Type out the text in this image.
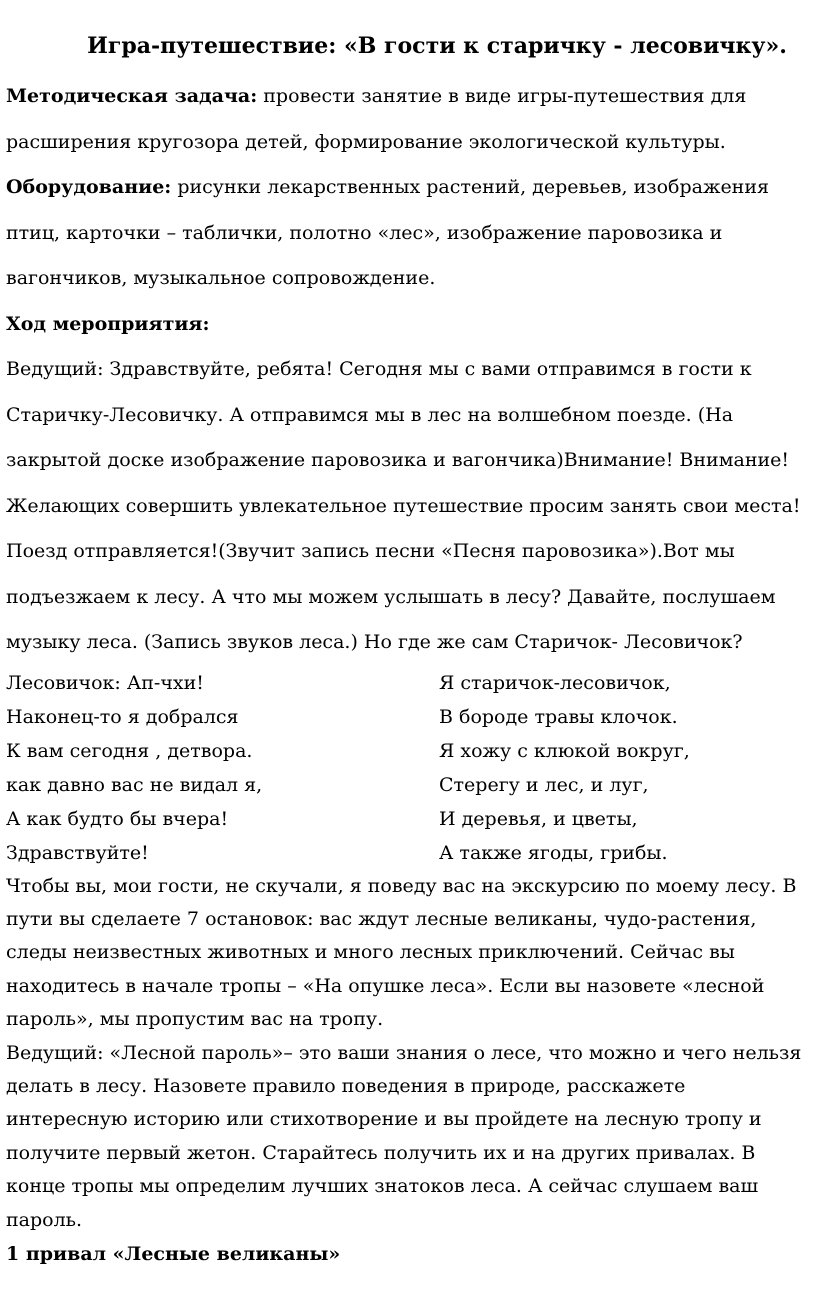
Игра-путешествие: «В гости к старичку - лесовичку».

Методическая задача: провести занятие в виде игры-путешествия для расширения кругозора детей, формирование экологической культуры.

Оборудование: рисунки лекарственных растений, деревьев, изображения птиц, карточки – таблички, полотно «лес», изображение паровозика и вагончиков, музыкальное сопровождение.

Ход мероприятия:

Ведущий: Здравствуйте, ребята! Сегодня мы с вами отправимся в гости к Старичку-Лесовичку. А отправимся мы в лес на волшебном поезде. (На закрытой доске изображение паровозика и вагончика)Внимание! Внимание! Желающих совершить увлекательное путешествие просим занять свои места! Поезд отправляется!(Звучит запись песни «Песня паровозика»).Вот мы подъезжаем к лесу. А что мы можем услышать в лесу? Давайте, послушаем музыку леса. (Запись звуков леса.) Но где же сам Старичок- Лесовичок?

Лесовичок: Ап-чхи!
Наконец-то я добрался
К вам сегодня , детвора.
как давно вас не видал я,
А как будто бы вчера!
Здравствуйте!
Я старичок-лесовичок,
В бороде травы клочок.
Я хожу с клюкой вокруг,
Стерегу и лес, и луг,
И деревья, и цветы,
А также ягоды, грибы.

Чтобы вы, мои гости, не скучали, я поведу вас на экскурсию по моему лесу. В пути вы сделаете 7 остановок: вас ждут лесные великаны, чудо-растения, следы неизвестных животных и много лесных приключений. Сейчас вы находитесь в начале тропы – «На опушке леса». Если вы назовете «лесной пароль», мы пропустим вас на тропу.

Ведущий: «Лесной пароль»– это ваши знания о лесе, что можно и чего нельзя делать в лесу. Назовете правило поведения в природе, расскажете интересную историю или стихотворение и вы пройдете на лесную тропу и получите первый жетон. Старайтесь получить их и на других привалах. В конце тропы мы определим лучших знатоков леса. А сейчас слушаем ваш пароль.

1 привал «Лесные великаны»
